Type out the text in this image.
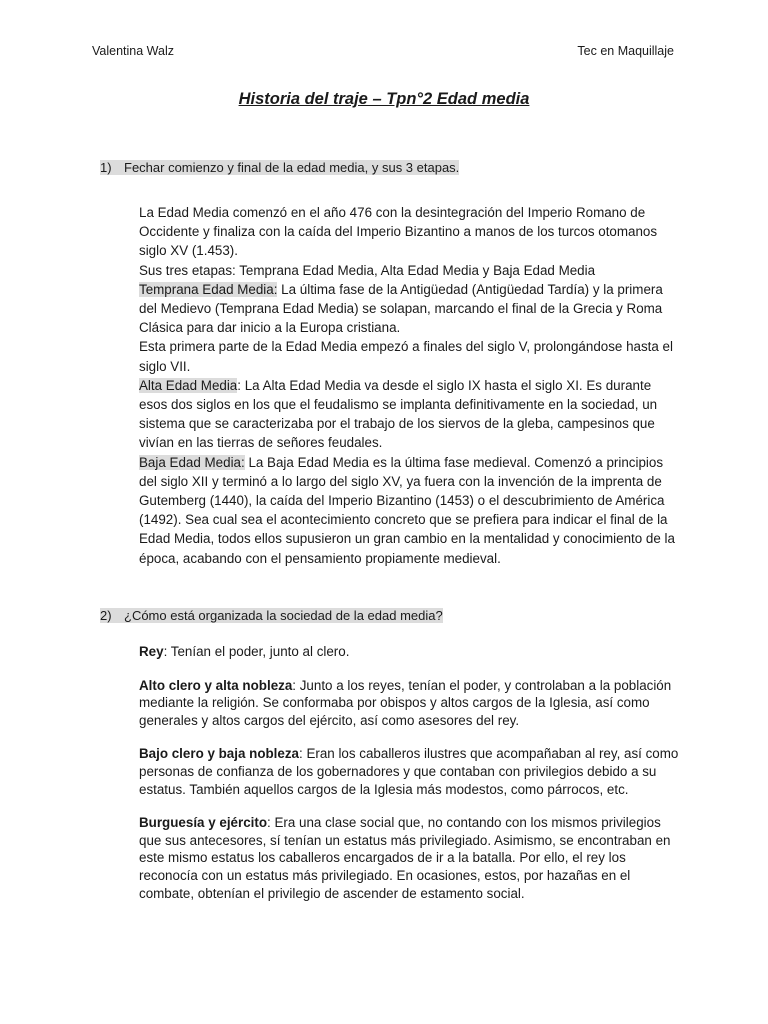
Valentina Walz	Tec en Maquillaje
Historia del traje – Tpn°2 Edad media
1) Fechar comienzo y final de la edad media, y sus 3 etapas.

La Edad Media comenzó en el año 476 con la desintegración del Imperio Romano de Occidente y finaliza con la caída del Imperio Bizantino a manos de los turcos otomanos siglo XV (1.453).

Sus tres etapas: Temprana Edad Media, Alta Edad Media y Baja Edad Media

Temprana Edad Media: La última fase de la Antigüedad (Antigüedad Tardía) y la primera del Medievo (Temprana Edad Media) se solapan, marcando el final de la Grecia y Roma Clásica para dar inicio a la Europa cristiana.

Esta primera parte de la Edad Media empezó a finales del siglo V, prolongándose hasta el siglo VII.

Alta Edad Media: La Alta Edad Media va desde el siglo IX hasta el siglo XI. Es durante esos dos siglos en los que el feudalismo se implanta definitivamente en la sociedad, un sistema que se caracterizaba por el trabajo de los siervos de la gleba, campesinos que vivían en las tierras de señores feudales.

Baja Edad Media: La Baja Edad Media es la última fase medieval. Comenzó a principios del siglo XII y terminó a lo largo del siglo XV, ya fuera con la invención de la imprenta de Gutemberg (1440), la caída del Imperio Bizantino (1453) o el descubrimiento de América (1492). Sea cual sea el acontecimiento concreto que se prefiera para indicar el final de la Edad Media, todos ellos supusieron un gran cambio en la mentalidad y conocimiento de la época, acabando con el pensamiento propiamente medieval.

2) ¿Cómo está organizada la sociedad de la edad media?

Rey: Tenían el poder, junto al clero.

Alto clero y alta nobleza: Junto a los reyes, tenían el poder, y controlaban a la población mediante la religión. Se conformaba por obispos y altos cargos de la Iglesia, así como generales y altos cargos del ejército, así como asesores del rey.

Bajo clero y baja nobleza: Eran los caballeros ilustres que acompañaban al rey, así como personas de confianza de los gobernadores y que contaban con privilegios debido a su estatus. También aquellos cargos de la Iglesia más modestos, como párrocos, etc.

Burguesía y ejército: Era una clase social que, no contando con los mismos privilegios que sus antecesores, sí tenían un estatus más privilegiado. Asimismo, se encontraban en este mismo estatus los caballeros encargados de ir a la batalla. Por ello, el rey los reconocía con un estatus más privilegiado. En ocasiones, estos, por hazañas en el combate, obtenían el privilegio de ascender de estamento social.
